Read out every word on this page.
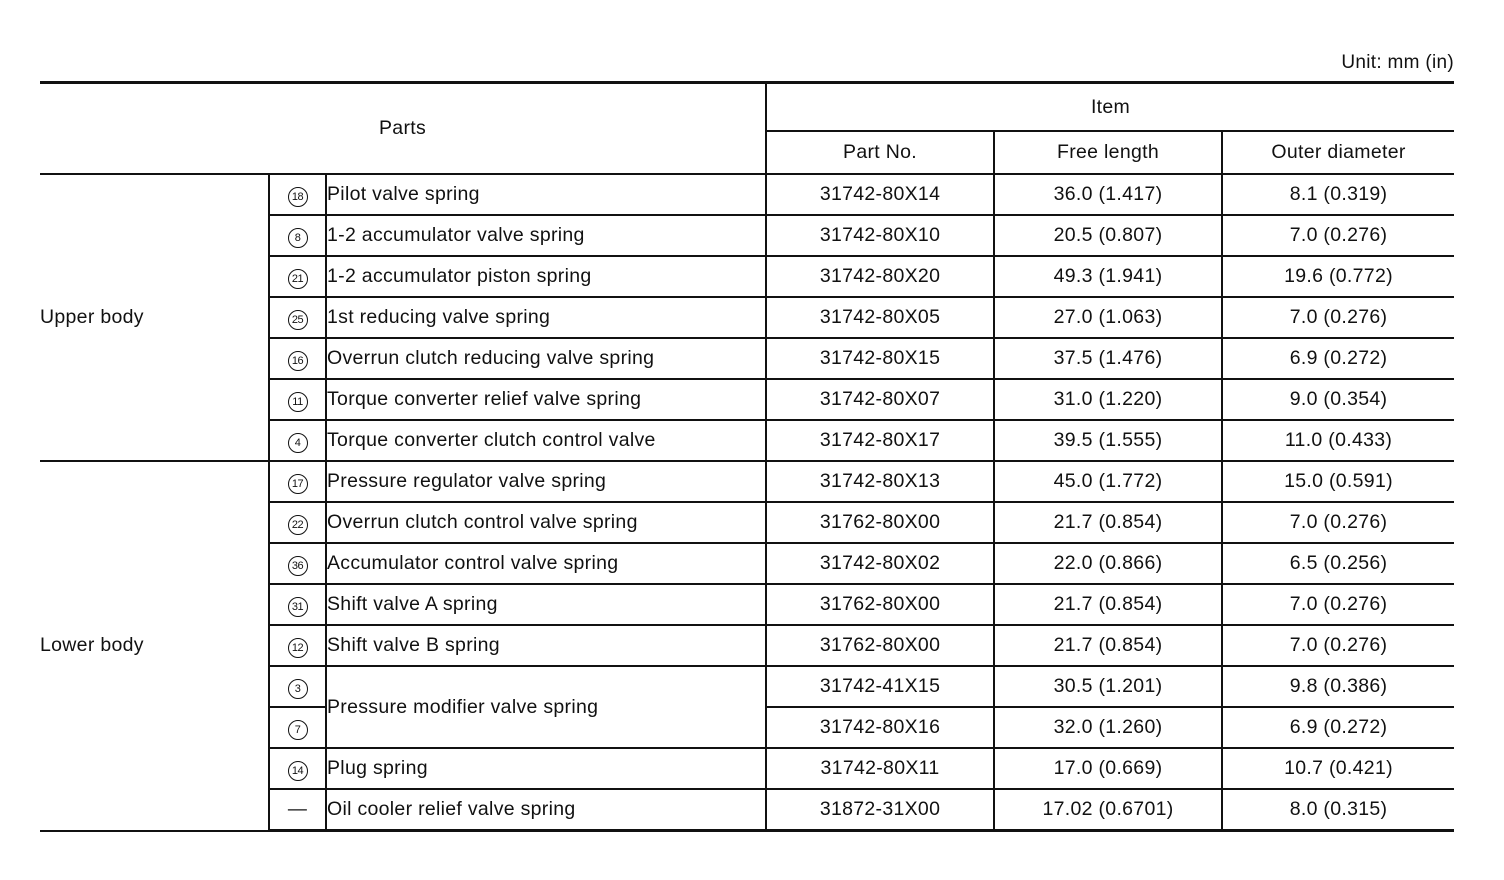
Unit: mm (in)
Parts			Item		
			Part No.	Free length	Outer diameter
Upper body	18	Pilot valve spring	31742-80X14	36.0 (1.417)	8.1 (0.319)
	8	1-2 accumulator valve spring	31742-80X10	20.5 (0.807)	7.0 (0.276)
	21	1-2 accumulator piston spring	31742-80X20	49.3 (1.941)	19.6 (0.772)
	25	1st reducing valve spring	31742-80X05	27.0 (1.063)	7.0 (0.276)
	16	Overrun clutch reducing valve spring	31742-80X15	37.5 (1.476)	6.9 (0.272)
	11	Torque converter relief valve spring	31742-80X07	31.0 (1.220)	9.0 (0.354)
	4	Torque converter clutch control valve	31742-80X17	39.5 (1.555)	11.0 (0.433)
Lower body	17	Pressure regulator valve spring	31742-80X13	45.0 (1.772)	15.0 (0.591)
	22	Overrun clutch control valve spring	31762-80X00	21.7 (0.854)	7.0 (0.276)
	36	Accumulator control valve spring	31742-80X02	22.0 (0.866)	6.5 (0.256)
	31	Shift valve A spring	31762-80X00	21.7 (0.854)	7.0 (0.276)
	12	Shift valve B spring	31762-80X00	21.7 (0.854)	7.0 (0.276)
	3	Pressure modifier valve spring	31742-41X15	30.5 (1.201)	9.8 (0.386)
	7		31742-80X16	32.0 (1.260)	6.9 (0.272)
	14	Plug spring	31742-80X11	17.0 (0.669)	10.7 (0.421)
	—	Oil cooler relief valve spring	31872-31X00	17.02 (0.6701)	8.0 (0.315)
